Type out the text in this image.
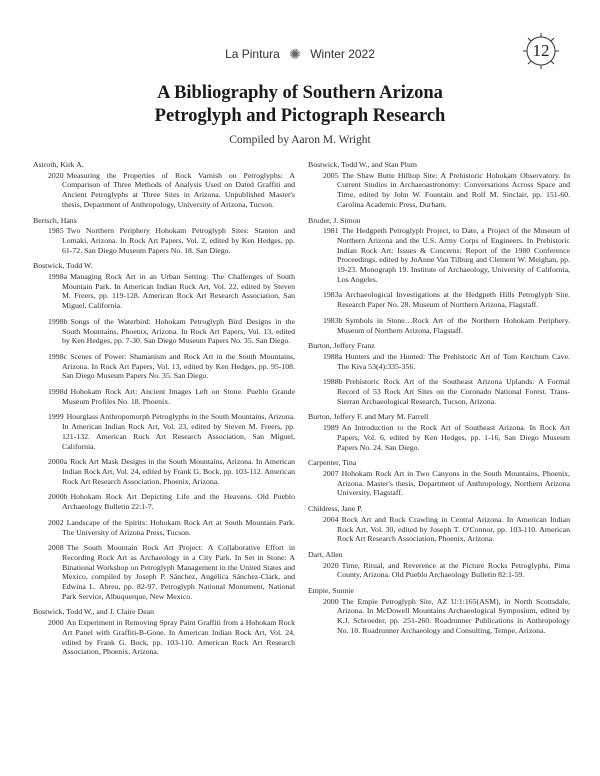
La Pintura ✺ Winter 2022	12
A Bibliography of Southern Arizona
Petroglyph and Pictograph Research
Compiled by Aaron M. Wright
Astroth, Kirk A.
2020 Measuring the Properties of Rock Varnish on Petroglyphs: A Comparison of Three Methods of Analysis Used on Dated Graffiti and Ancient Petroglyphs at Three Sites in Arizona. Unpublished Master's thesis, Department of Anthropology, University of Arizona, Tucson.
Bertsch, Hans
1985 Two Northern Periphery Hohokam Petroglyph Sites: Stanton and Lomaki, Arizona. In Rock Art Papers, Vol. 2, edited by Ken Hedges, pp. 61-72. San Diego Museum Papers No. 18. San Diego.
Bostwick, Todd W.
1998a Managing Rock Art in an Urban Setting: The Challenges of South Mountain Park. In American Indian Rock Art, Vol. 22, edited by Steven M. Freers, pp. 119-128. American Rock Art Research Association, San Miguel, California.
1998b Songs of the Waterbird: Hohokam Petroglyph Bird Designs in the South Mountains, Phoenix, Arizona. In Rock Art Papers, Vol. 13, edited by Ken Hedges, pp. 7-30. San Diego Museum Papers No. 35. San Diego.
1998c Scenes of Power: Shamanism and Rock Art in the South Mountains, Arizona. In Rock Art Papers, Vol. 13, edited by Ken Hedges, pp. 95-108. San Diego Museum Papers No. 35. San Diego.
1998d Hohokam Rock Art: Ancient Images Left on Stone. Pueblo Grande Museum Profiles No. 18. Phoenix.
1999 Hourglass Anthropomorph Petroglyphs in the South Mountains, Arizona. In American Indian Rock Art, Vol. 23, edited by Steven M. Freers, pp. 121-132. American Rock Art Research Association, San Miguel, California.
2000a Rock Art Mask Designs in the South Mountains, Arizona. In American Indian Rock Art, Vol. 24, edited by Frank G. Bock, pp. 103-112. American Rock Art Research Association, Phoenix, Arizona.
2000b Hohokam Rock Art Depicting Life and the Heavens. Old Pueblo Archaeology Bulletin 22:1-7.
2002 Landscape of the Spirits: Hohokam Rock Art at South Mountain Park. The University of Arizona Press, Tucson.
2008 The South Mountain Rock Art Project: A Collaborative Effort in Recording Rock Art as Archaeology in a City Park. In Set in Stone: A Binational Workshop on Petroglyph Management in the United States and Mexico, compiled by Joseph P. Sánchez, Angélica Sánchez-Clark, and Edwina L. Abreu, pp. 82-97. Petroglyph National Monument, National Park Service, Albuquerque, New Mexico.
Bostwick, Todd W., and J. Claire Dean
2000 An Experiment in Removing Spray Paint Graffiti from a Hohokam Rock Art Panel with Graffiti-B-Gone. In American Indian Rock Art, Vol. 24, edited by Frank G. Bock, pp. 103-110. American Rock Art Research Association, Phoenix, Arizona.
Bostwick, Todd W., and Stan Plum
2005 The Shaw Butte Hilltop Site: A Prehistoric Hohokam Observatory. In Current Studies in Archaeoastronomy: Conversations Across Space and Time, edited by John W. Fountain and Rolf M. Sinclair, pp. 151-60. Carolina Academic Press, Durham.
Bruder, J. Simon
1981 The Hedgpeth Petroglyph Project, to Date, a Project of the Museum of Northern Arizona and the U.S. Army Corps of Engineers. In Prehistoric Indian Rock Art: Issues & Concerns: Report of the 1980 Conference Proceedings, edited by JoAnne Van Tilburg and Clement W. Meighan, pp. 19-23. Monograph 19. Institute of Archaeology, University of California, Los Angeles.
1983a Archaeological Investigations at the Hedgpeth Hills Petroglyph Site. Research Paper No. 28. Museum of Northern Arizona, Flagstaff.
1983b Symbols in Stone…Rock Art of the Northern Hohokam Periphery. Museum of Northern Arizona, Flagstaff.
Burton, Jeffery Franz
1988a Hunters and the Hunted: The Prehistoric Art of Tom Ketchum Cave. The Kiva 53(4):335-356.
1988b Prehistoric Rock Art of the Southeast Arizona Uplands: A Formal Record of 53 Rock Art Sites on the Coronado National Forest. Trans-Sierran Archaeological Research, Tucson, Arizona.
Burton, Jeffery F. and Mary M. Farrell
1989 An Introduction to the Rock Art of Southeast Arizona. In Rock Art Papers, Vol. 6, edited by Ken Hedges, pp. 1-16, San Diego Museum Papers No. 24. San Diego.
Carpenter, Tina
2007 Hohokam Rock Art in Two Canyons in the South Mountains, Phoenix, Arizona. Master's thesis, Department of Anthropology, Northern Arizona University, Flagstaff.
Childress, Jane P.
2004 Rock Art and Rock Crawling in Central Arizona. In American Indian Rock Art, Vol. 30, edited by Joseph T. O'Connor, pp. 103-110. American Rock Art Research Association, Phoenix, Arizona.
Dart, Allen
2020 Time, Ritual, and Reverence at the Picture Rocks Petroglyphs, Pima County, Arizona. Old Pueblo Archaeology Bulletin 82:1-59.
Empie, Sunnie
2000 The Empie Petroglyph Site, AZ U:1:165(ASM), in North Scottsdale, Arizona. In McDowell Mountains Archaeological Symposium, edited by K.J. Schroeder, pp. 251-260. Roadrunner Publications in Anthropology No. 10. Roadrunner Archaeology and Consulting, Tempe, Arizona.
